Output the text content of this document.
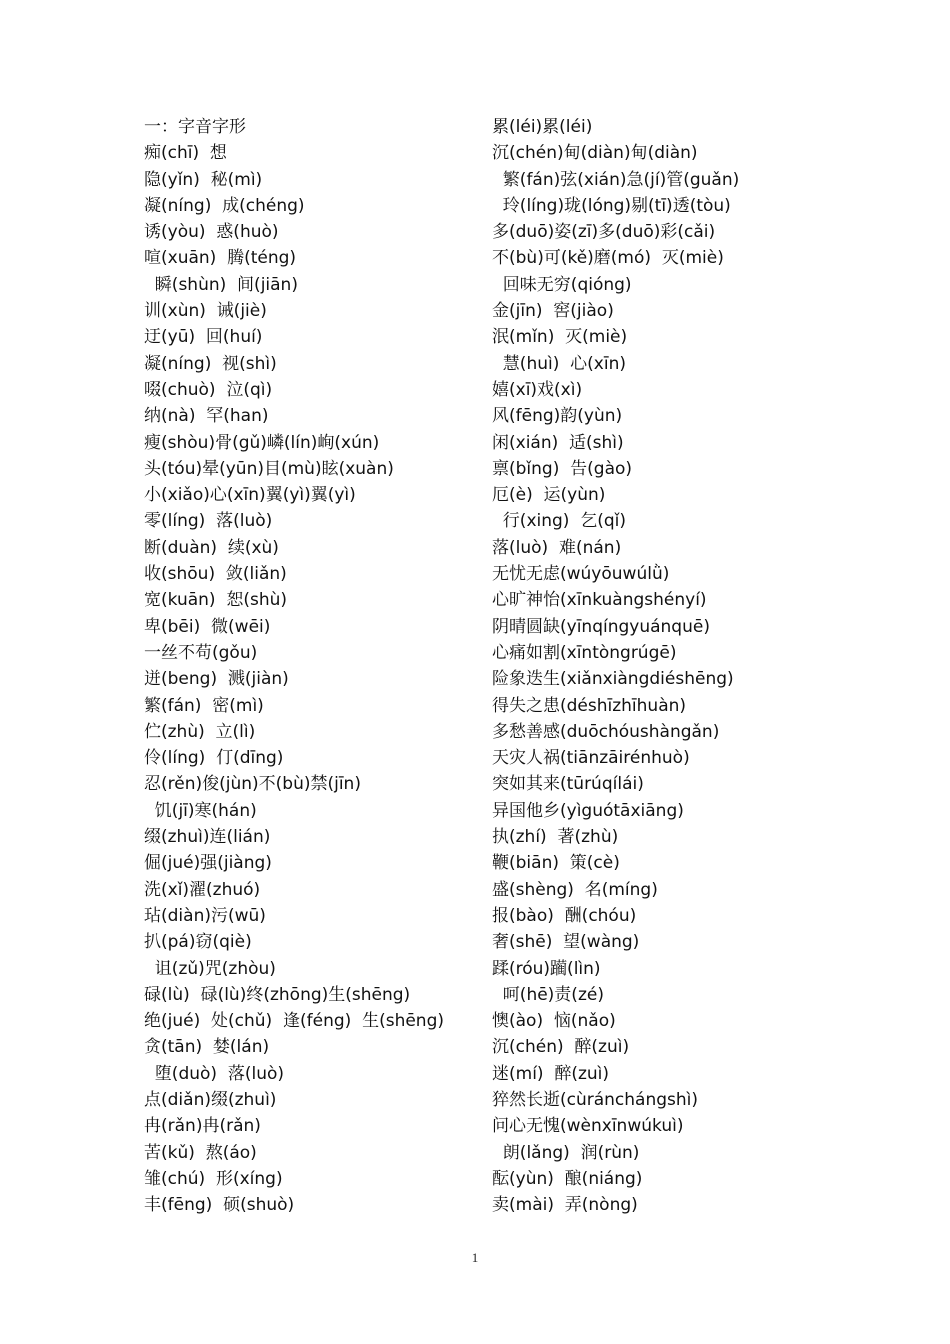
一：字音字形
痴(chī)  想
隐(yǐn)  秘(mì)
凝(níng)  成(chéng)
诱(yòu)  惑(huò)
喧(xuān)  腾(téng)
瞬(shùn)  间(jiān)
训(xùn)  诫(jiè)
迂(yū)  回(huí)
凝(níng)  视(shì)
啜(chuò)  泣(qì)
纳(nà)  罕(han)
瘦(shòu)骨(gǔ)嶙(lín)峋(xún)
头(tóu)晕(yūn)目(mù)眩(xuàn)
小(xiǎo)心(xīn)翼(yì)翼(yì)
零(líng)  落(luò)
断(duàn)  续(xù)
收(shōu)  敛(liǎn)
宽(kuān)  恕(shù)
卑(bēi)  微(wēi)
一丝不苟(gǒu)
迸(beng)  溅(jiàn)
繁(fán)  密(mì)
伫(zhù)  立(lì)
伶(líng)  仃(dīng)
忍(rěn)俊(jùn)不(bù)禁(jīn)
饥(jī)寒(hán)
缀(zhuì)连(lián)
倔(jué)强(jiàng)
洗(xǐ)濯(zhuó)
玷(diàn)污(wū)
扒(pá)窃(qiè)
诅(zǔ)咒(zhòu)
碌(lù)  碌(lù)终(zhōng)生(shēng)
绝(jué)  处(chǔ)  逢(féng)  生(shēng)
贪(tān)  婪(lán)
堕(duò)  落(luò)
点(diǎn)缀(zhuì)
冉(rǎn)冉(rǎn)
苦(kǔ)  熬(áo)
雏(chú)  形(xíng)
丰(fēng)  硕(shuò)
累(léi)累(léi)
沉(chén)甸(diàn)甸(diàn)
繁(fán)弦(xián)急(jí)管(guǎn)
玲(líng)珑(lóng)剔(tī)透(tòu)
多(duō)姿(zī)多(duō)彩(cǎi)
不(bù)可(kě)磨(mó)  灭(miè)
回味无穷(qióng)
金(jīn)  窖(jiào)
泯(mǐn)  灭(miè)
慧(huì)  心(xīn)
嬉(xī)戏(xì)
风(fēng)韵(yùn)
闲(xián)  适(shì)
禀(bǐng)  告(gào)
厄(è)  运(yùn)
行(xing)  乞(qǐ)
落(luò)  难(nán)
无忧无虑(wúyōuwúlǜ)
心旷神怡(xīnkuàngshényí)
阴晴圆缺(yīnqíngyuánquē)
心痛如割(xīntòngrúgē)
险象迭生(xiǎnxiàngdiéshēng)
得失之患(déshīzhīhuàn)
多愁善感(duōchóushàngǎn)
天灾人祸(tiānzāirénhuò)
突如其来(tūrúqílái)
异国他乡(yìguótāxiāng)
执(zhí)  著(zhù)
鞭(biān)  策(cè)
盛(shèng)  名(míng)
报(bào)  酬(chóu)
奢(shē)  望(wàng)
蹂(róu)躏(lìn)
呵(hē)责(zé)
懊(ào)  恼(nǎo)
沉(chén)  醉(zuì)
迷(mí)  醉(zuì)
猝然长逝(cùránchángshì)
问心无愧(wènxīnwúkuì)
朗(lǎng)  润(rùn)
酝(yùn)  酿(niáng)
卖(mài)  弄(nòng)
1
